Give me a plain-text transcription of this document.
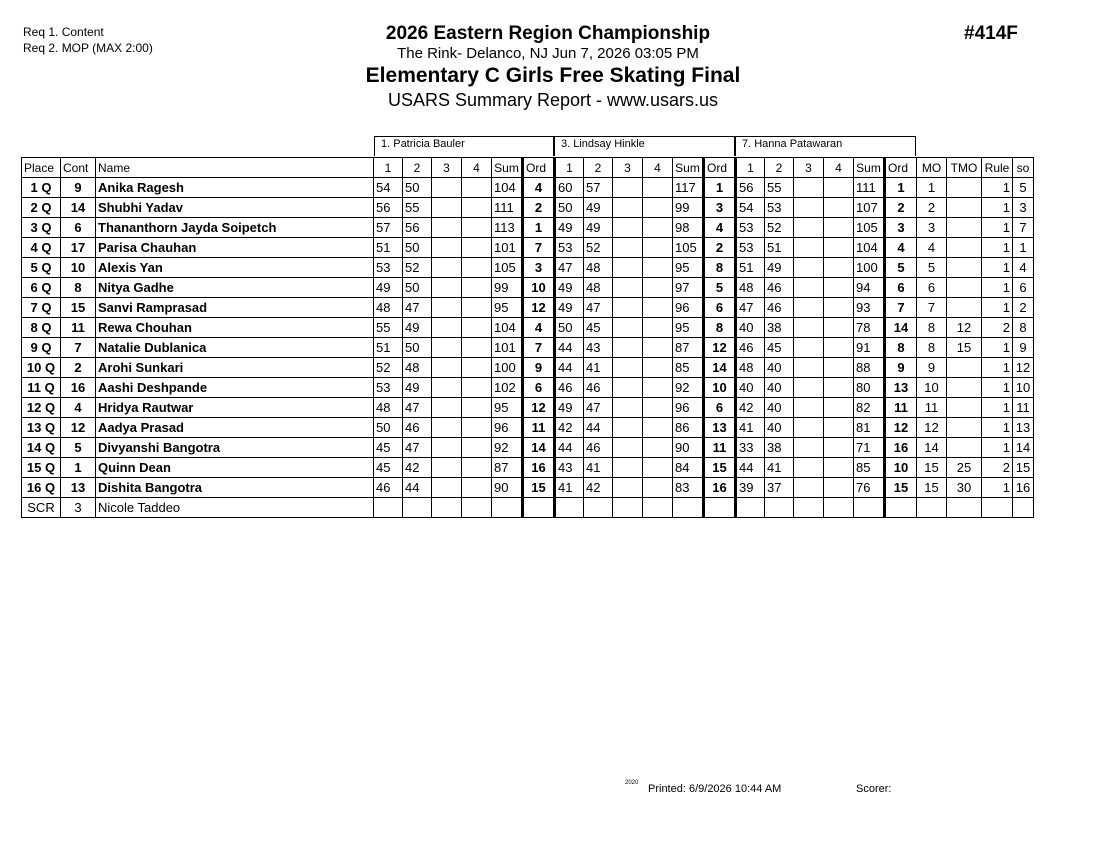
Req 1. Content
Req 2. MOP (MAX 2:00)
2026 Eastern Region Championship
The Rink- Delanco, NJ Jun 7, 2026 03:05 PM
Elementary C Girls Free Skating Final
USARS Summary Report - www.usars.us
#414F
1. Patricia Bauler	3. Lindsay Hinkle	7. Hanna Patawaran
Place	Cont	Name	1	2	3	4	Sum	Ord	1	2	3	4	Sum	Ord	1	2	3	4	Sum	Ord	MO	TMO	Rule	so
1 Q	9	Anika Ragesh	54	50			104	4	60	57			117	1	56	55			111	1	1		1	5
2 Q	14	Shubhi Yadav	56	55			111	2	50	49			99	3	54	53			107	2	2		1	3
3 Q	6	Thananthorn Jayda Soipetch	57	56			113	1	49	49			98	4	53	52			105	3	3		1	7
4 Q	17	Parisa Chauhan	51	50			101	7	53	52			105	2	53	51			104	4	4		1	1
5 Q	10	Alexis Yan	53	52			105	3	47	48			95	8	51	49			100	5	5		1	4
6 Q	8	Nitya Gadhe	49	50			99	10	49	48			97	5	48	46			94	6	6		1	6
7 Q	15	Sanvi Ramprasad	48	47			95	12	49	47			96	6	47	46			93	7	7		1	2
8 Q	11	Rewa Chouhan	55	49			104	4	50	45			95	8	40	38			78	14	8	12	2	8
9 Q	7	Natalie Dublanica	51	50			101	7	44	43			87	12	46	45			91	8	8	15	1	9
10 Q	2	Arohi Sunkari	52	48			100	9	44	41			85	14	48	40			88	9	9		1	12
11 Q	16	Aashi Deshpande	53	49			102	6	46	46			92	10	40	40			80	13	10		1	10
12 Q	4	Hridya Rautwar	48	47			95	12	49	47			96	6	42	40			82	11	11		1	11
13 Q	12	Aadya Prasad	50	46			96	11	42	44			86	13	41	40			81	12	12		1	13
14 Q	5	Divyanshi Bangotra	45	47			92	14	44	46			90	11	33	38			71	16	14		1	14
15 Q	1	Quinn Dean	45	42			87	16	43	41			84	15	44	41			85	10	15	25	2	15
16 Q	13	Dishita Bangotra	46	44			90	15	41	42			83	16	39	37			76	15	15	30	1	16
SCR	3	Nicole Taddeo																						
2020 Printed: 6/9/2026 10:44 AM	Scorer:
